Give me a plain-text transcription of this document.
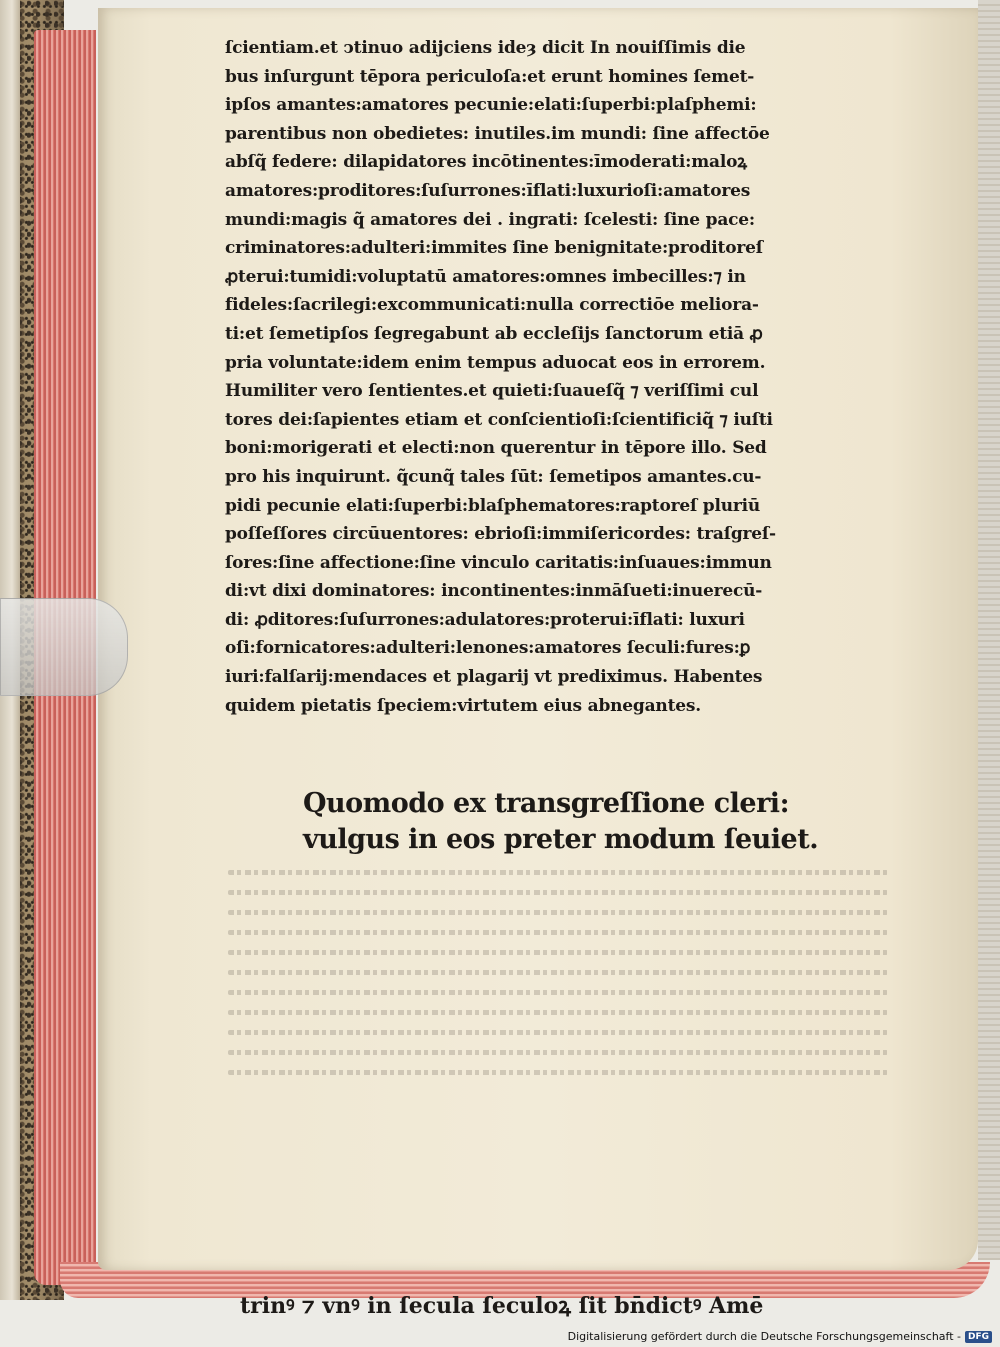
ſcientiam.et ↄtinuo adijciens ideȝ dicit In nouiſſimis die
bus inſurgunt tēpora periculoſa:et erunt homines ſemet-
ipſos amantes:amatores pecunie:elati:ſuperbi:plaſphemi:
parentibus non obedietes: inutiles.im mundi: ſine affectōe
abſq̃ federe: dilapidatores incōtinentes:īmoderati:maloꝝ
amatores:proditores:ſuſurrones:īflati:luxurioſi:amatores
mundi:magis q̃ amatores dei . ingrati: ſcelesti: ſine pace:
criminatores:adulteri:immites ſine benignitate:proditoreſ
ꝓterui:tumidi:voluptatū amatores:omnes imbecilles:⁊ in
fideles:ſacrilegi:excommunicati:nulla correctiōe meliora-
ti:et ſemetipſos ſegregabunt ab eccleſijs ſanctorum etiā ꝓ
pria voluntate:idem enim tempus aduocat eos in errorem.
Humiliter vero ſentientes.et quieti:ſuaueſq̃ ⁊ veriſſimi cul
tores dei:ſapientes etiam et conſcientioſi:ſcientificiq̃ ⁊ iuſti
boni:morigerati et electi:non querentur in tēpore illo. Sed
pro his inquirunt. q̃cunq̃ tales ſūt: ſemetipos amantes.cu-
pidi pecunie elati:ſuperbi:blaſphematores:raptoreſ pluriū
poſſeſſores circūuentores: ebrioſi:immiſericordes: traſgreſ-
ſores:ſine affectione:ſine vinculo caritatis:inſuaues:immun
di:vt dixi dominatores: incontinentes:inmāſueti:inuerecū-
di: ꝓditores:ſuſurrones:adulatores:proterui:īflati: luxuri
oſi:fornicatores:adulteri:lenones:amatores ſeculi:fures:ꝑ
iuri:falſarij:mendaces et plagarij vt prediximus. Habentes
quidem pietatis ſpeciem:virtutem eius abnegantes.
Quomodo ex transgreſſione cleri:
vulgus in eos preter modum ſeuiet.
trinꝰ ⁊ vnꝰ in ſecula ſeculoꝝ ſit bn̄dictꝰ Amē
Digitalisierung gefördert durch die Deutsche Forschungsgemeinschaft - DFG
